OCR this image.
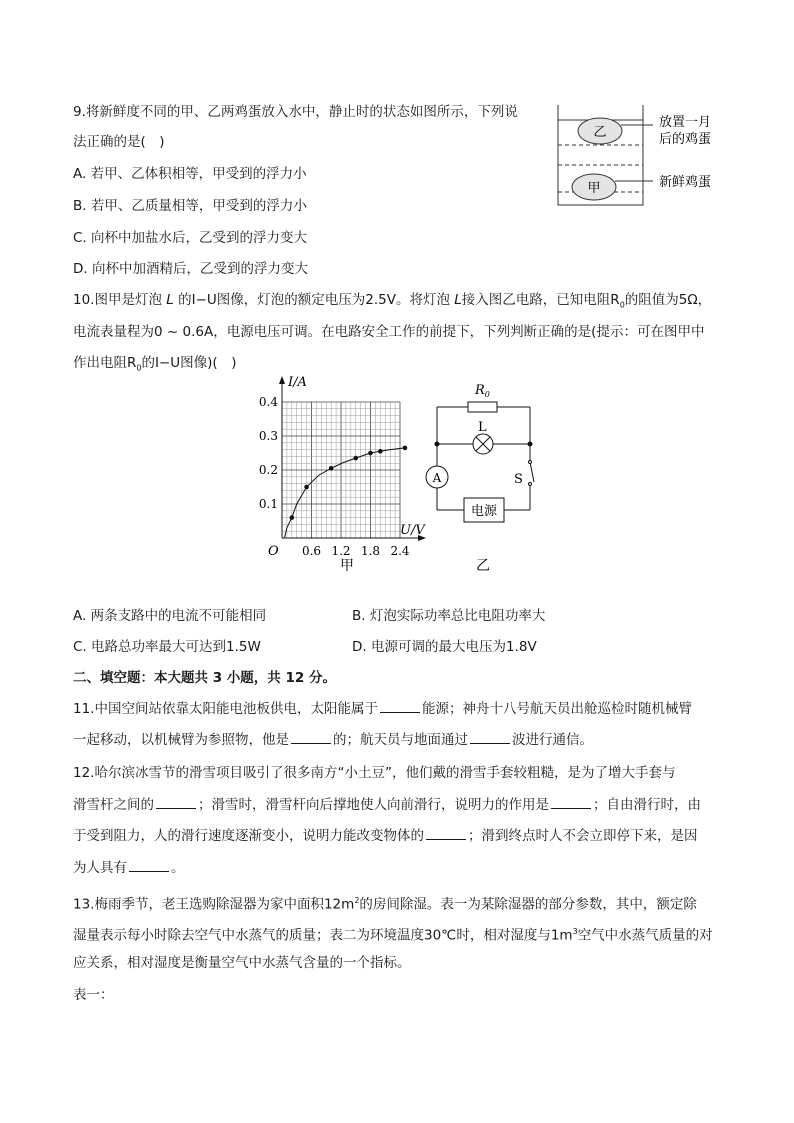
9.将新鲜度不同的甲、乙两鸡蛋放入水中，静止时的状态如图所示，下列说
法正确的是(　)
A. 若甲、乙体积相等，甲受到的浮力小
B. 若甲、乙质量相等，甲受到的浮力小
C. 向杯中加盐水后，乙受到的浮力变大
D. 向杯中加酒精后，乙受到的浮力变大
乙
甲
放置一月
后的鸡蛋
新鲜鸡蛋
10.图甲是灯泡 L 的I−U图像，灯泡的额定电压为2.5V。将灯泡 L接入图乙电路，已知电阻$R_0$的阻值为5Ω，
电流表量程为0 ~ 0.6A，电源电压可调。在电路安全工作的前提下，下列判断正确的是(提示：可在图甲中
作出电阻$R_0$的I−U图像)(　)
0.1
0.2
0.3
0.4
0.6 1.2 1.8 2.4
I/A
U/V
O
甲
$R_0$
L
A	S
电源
乙
A. 两条支路中的电流不可能相同	B. 灯泡实际功率总比电阻功率大
C. 电路总功率最大可达到1.5W	D. 电源可调的最大电压为1.8V
二、填空题：本大题共 3 小题，共 12 分。
11.中国空间站依靠太阳能电池板供电，太阳能属于	能源；神舟十八号航天员出舱巡检时随机械臂
一起移动，以机械臂为参照物，他是	的；航天员与地面通过	波进行通信。
12.哈尔滨冰雪节的滑雪项目吸引了很多南方“小土豆”，他们戴的滑雪手套较粗糙，是为了增大手套与
滑雪杆之间的	；滑雪时，滑雪杆向后撑地使人向前滑行，说明力的作用是	；自由滑行时，由
于受到阻力，人的滑行速度逐渐变小，说明力能改变物体的	；滑到终点时人不会立即停下来，是因
为人具有	。
13.梅雨季节，老王选购除湿器为家中面积$12m^2$的房间除湿。表一为某除湿器的部分参数，其中，额定除
湿量表示每小时除去空气中水蒸气的质量；表二为环境温度30℃时，相对湿度与$1m^3$空气中水蒸气质量的对
应关系，相对湿度是衡量空气中水蒸气含量的一个指标。
表一：
